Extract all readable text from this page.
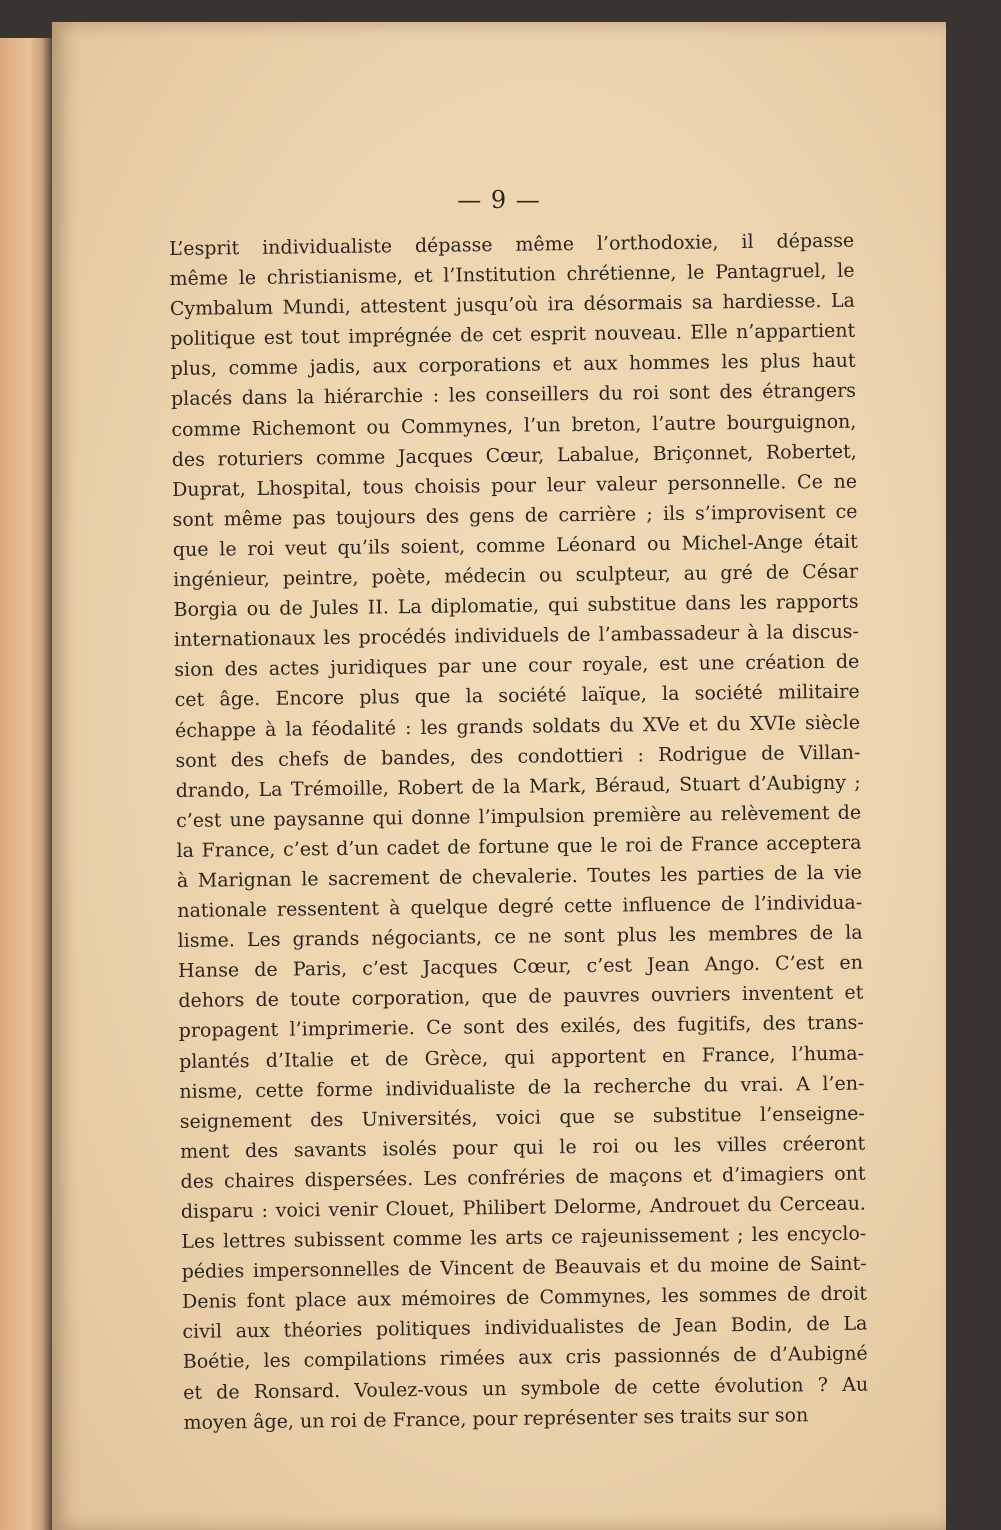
— 9 —
L’esprit individualiste dépasse même l’orthodoxie, il dépasse
même le christianisme, et l’Institution chrétienne, le Pantagruel, le
Cymbalum Mundi, attestent jusqu’où ira désormais sa hardiesse. La
politique est tout imprégnée de cet esprit nouveau. Elle n’appartient
plus, comme jadis, aux corporations et aux hommes les plus haut
placés dans la hiérarchie : les conseillers du roi sont des étrangers
comme Richemont ou Commynes, l’un breton, l’autre bourguignon,
des roturiers comme Jacques Cœur, Labalue, Briçonnet, Robertet,
Duprat, Lhospital, tous choisis pour leur valeur personnelle. Ce ne
sont même pas toujours des gens de carrière ; ils s’improvisent ce
que le roi veut qu’ils soient, comme Léonard ou Michel-Ange était
ingénieur, peintre, poète, médecin ou sculpteur, au gré de César
Borgia ou de Jules II. La diplomatie, qui substitue dans les rapports
internationaux les procédés individuels de l’ambassadeur à la discus-
sion des actes juridiques par une cour royale, est une création de
cet âge. Encore plus que la société laïque, la société militaire
échappe à la féodalité : les grands soldats du XVe et du XVIe siècle
sont des chefs de bandes, des condottieri : Rodrigue de Villan-
drando, La Trémoille, Robert de la Mark, Béraud, Stuart d’Aubigny ;
c’est une paysanne qui donne l’impulsion première au relèvement de
la France, c’est d’un cadet de fortune que le roi de France acceptera
à Marignan le sacrement de chevalerie. Toutes les parties de la vie
nationale ressentent à quelque degré cette influence de l’individua-
lisme. Les grands négociants, ce ne sont plus les membres de la
Hanse de Paris, c’est Jacques Cœur, c’est Jean Ango. C’est en
dehors de toute corporation, que de pauvres ouvriers inventent et
propagent l’imprimerie. Ce sont des exilés, des fugitifs, des trans-
plantés d’Italie et de Grèce, qui apportent en France, l’huma-
nisme, cette forme individualiste de la recherche du vrai. A l’en-
seignement des Universités, voici que se substitue l’enseigne-
ment des savants isolés pour qui le roi ou les villes créeront
des chaires dispersées. Les confréries de maçons et d’imagiers ont
disparu : voici venir Clouet, Philibert Delorme, Androuet du Cerceau.
Les lettres subissent comme les arts ce rajeunissement ; les encyclo-
pédies impersonnelles de Vincent de Beauvais et du moine de Saint-
Denis font place aux mémoires de Commynes, les sommes de droit
civil aux théories politiques individualistes de Jean Bodin, de La
Boétie, les compilations rimées aux cris passionnés de d’Aubigné
et de Ronsard. Voulez-vous un symbole de cette évolution ? Au
moyen âge, un roi de France, pour représenter ses traits sur son
